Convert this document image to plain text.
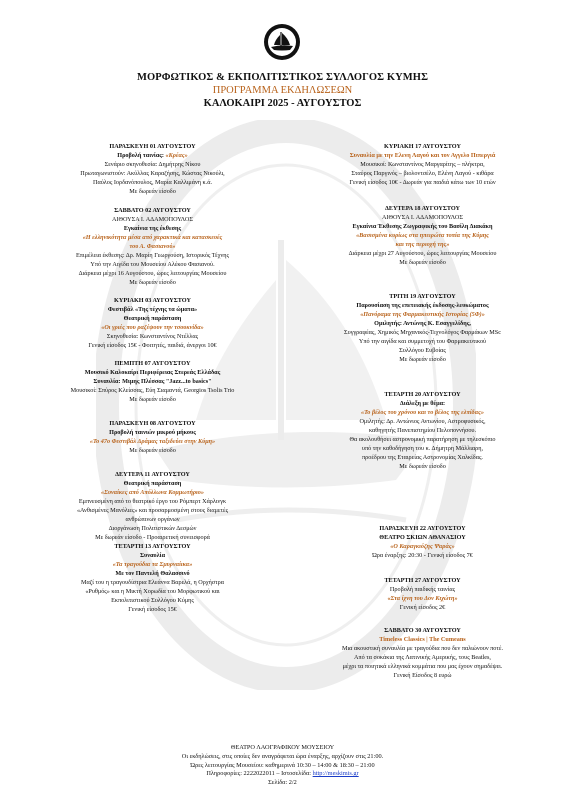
ΜΟΡΦΩΤΙΚΟΣ & ΕΚΠΟΛΙΤΙΣΤΙΚΟΣ ΣΥΛΛΟΓΟΣ ΚΥΜΗΣ
ΠΡΟΓΡΑΜΜΑ ΕΚΔΗΛΩΣΕΩΝ
ΚΑΛΟΚΑΙΡΙ 2025 - ΑΥΓΟΥΣΤΟΣ
ΠΑΡΑΣΚΕΥΗ 01 ΑΥΓΟΥΣΤΟΥ
Προβολή ταινίας: «Κρέας»
Σενάριο σκηνοθεσία: Δημήτρης Νίκου
Πρωταγωνιστούν: Ακύλλας Καραζήσης, Κώστας Νικούλι,
Παύλος Ιορδανόπουλος, Μαρία Καλλιμάνη κ.ά.
Με δωρεάν είσοδο
ΣΑΒΒΑΤΟ 02 ΑΥΓΟΥΣΤΟΥ
ΑΙΘΟΥΣΑ Ι. ΑΔΑΜΟΠΟΥΛΟΣ
Εγκαίνια της έκθεσης
«Η ελληνικότητα μέσα από χαρακτικά και κατασκευές
του Α. Φασιανού»
Επιμέλεια έκθεσης: Δρ. Μαρίη Γεωργούση, Ιστορικός Τέχνης
Υπό την Αιγίδα του Μουσείου Αλέκου Φασιανού.
Διάρκεια μέχρι 16 Αυγούστου, ώρες λειτουργίας Μουσείου
Με δωρεάν είσοδο
ΚΥΡΙΑΚΗ 03 ΑΥΓΟΥΣΤΟΥ
Φεστιβάλ «Της τέχνης τα ώματα»
Θεατρική παράσταση
«Οι γριές που ραζέψουν την τσουκνίδα»
Σκηνοθεσία: Κωνσταντίνος Ντέλλας
Γενική είσοδος 15€ - Φοιτητές, παιδιά, άνεργοι 10€
ΠΕΜΠΤΗ 07 ΑΥΓΟΥΣΤΟΥ
Μουσικό Καλοκαίρι Περιφέρειας Στερεάς Ελλάδας
Συναυλία: Μιμης Πλέσσας "Jazz...to basics"
Μουσικοί: Σπύρος Κλείσσας, Εύη Σιαμαντά, Georgios Tsolis Trio
Με δωρεάν είσοδο
ΠΑΡΑΣΚΕΥΗ 08 ΑΥΓΟΥΣΤΟΥ
Προβολή ταινιών μικρού μήκους
«Το 47ο Φεστιβάλ Δράμας ταξιδεύει στην Κύμη»
Με δωρεάν είσοδο
ΔΕΥΤΕΡΑ 11 ΑΥΓΟΥΣΤΟΥ
Θεατρική παράσταση
«Συναίκες από Απόλλωνα Κομμωτήριο»
Εμπνευσμένη από το θεατρικό έργο του Ρόμπερτ Χάρλινγκ
«Ανθισμένες Μανόλιες» και προσαρμοσμένη στους διαμετές
ανθρώπινων οργάνων
Διοργάνωση Πολιτιστικών Δεσμών
Με δωρεάν είσοδο - Προαιρετική συνεισφορά
ΤΕΤΑΡΤΗ 13 ΑΥΓΟΥΣΤΟΥ
Συναυλία
«Τα τραγούδια τα Σμυρναίικα»
Με τον Παντελή Θαλασσινό
Μαζί του η τραγουδίστρια Ελεάννα Βαρελά, η Ορχήστρα
«Ρυθμός» και η Μικτή Χορωδία του Μορφωτικού και
Εκπολιτιστικού Συλλόγου Κύμης
Γενική είσοδος 15€
ΚΥΡΙΑΚΗ 17 ΑΥΓΟΥΣΤΟΥ
Συναυλία με την Ελενη Λαγού και τον Αγγελο Πιπεργιά
Μουσικοί: Κωνσταντίνος Μαργαρίτης – πλήκτρα,
Σταύρος Παργινός – βιολοντσέλο, Ελένη Λαγού - κιθάρα
Γενική είσοδος 10€ - Δωρεάν για παιδιά κάτω των 10 ετών
ΔΕΥΤΕΡΑ 18 ΑΥΓΟΥΣΤΟΥ
ΑΙΘΟΥΣΑ Ι. ΑΔΑΜΟΠΟΥΛΟΣ
Εγκαίνια Έκθεσης Ζωγραφικής του Βασίλη Διακάκη
«Βασισμένα κυρίως στα ηπειρώτα τοπία της Κύμης
και της περιοχή της»
Διάρκεια μέχρι 27 Αυγούστου, ώρες λειτουργίας Μουσείου
Με δωρεάν είσοδο
ΤΡΙΤΗ 19 ΑΥΓΟΥΣΤΟΥ
Παρουσίαση της επετειακής έκδοσης-λευκώματος
«Πανόραμα της Φαρμακευτικής Ιστορίας (5Φ)»
Ομιλητής: Αντώνης Κ. Εσαγγελίδης,
Συγγραφέας, Χημικός Μηχανικός-Τεχνολόγος Φαρμάκων MSc
Υπό την αιγίδα και συμμετοχή του Φαρμακευτικού
Συλλόγου Ευβοίας
Με δωρεάν είσοδο
ΤΕΤΑΡΤΗ 20 ΑΥΓΟΥΣΤΟΥ
Διάλεξη με θέμα:
«Το βέλος του χρόνου και το βέλος της ελπίδας»
Ομιλητής: Δρ. Αντώνιος Αντωνίου, Αστροφυσικός,
καθηγητής Πανεπιστημίου Πελοποννήσου.
Θα ακολουθήσει αστρονομική παρατήρηση με τηλεσκόπιο
υπό την καθοδήγηση του κ. Δήμητρη Μάλλιαρη,
προέδρου της Εταιρείας Αστρονομίας Χαλκίδας.
Με δωρεάν είσοδο
ΠΑΡΑΣΚΕΥΗ 22 ΑΥΓΟΥΣΤΟΥ
ΘΕΑΤΡΟ ΣΚΙΩΝ ΑΘΑΝΑΣΙΟΥ
«Ο Καραγκιόζης Ψαράς»
Ώρα έναρξης: 20:30 - Γενική είσοδος 7€
ΤΕΤΑΡΤΗ 27 ΑΥΓΟΥΣΤΟΥ
Προβολή παιδικής ταινίας
«Στα ίχνη του Δον Κιχώτη»
Γενική είσοδος 2€
ΣΑΒΒΑΤΟ 30 ΑΥΓΟΥΣΤΟΥ
Timeless Classics | The Cumeans
Μια ακουστική συναυλία με τραγούδια που δεν παλιώνουν ποτέ.
Από τα σοκάκια της Λατινικής Αμερικής, τους Beatles,
μέχρι τα ποιητικά ελληνικά κομμάτια που μας έχουν σημαδέψει.
Γενική Είσοδος 8 ευρώ
ΘΕΑΤΡΟ ΛΑΟΓΡΑΦΙΚΟΥ ΜΟΥΣΕΙΟΥ
Οι εκδηλώσεις, στις οποίες δεν αναγράφεται ώρα έναρξης, αρχίζουν στις 21:00.
Ώρες λειτουργίας Μουσείου: καθημερινά 10:30 – 14:00 & 18:30 – 21:00
Πληροφορίες: 2222022011 – Ιστοσελίδα: http://meskimis.gr
Σελίδα: 2/2
